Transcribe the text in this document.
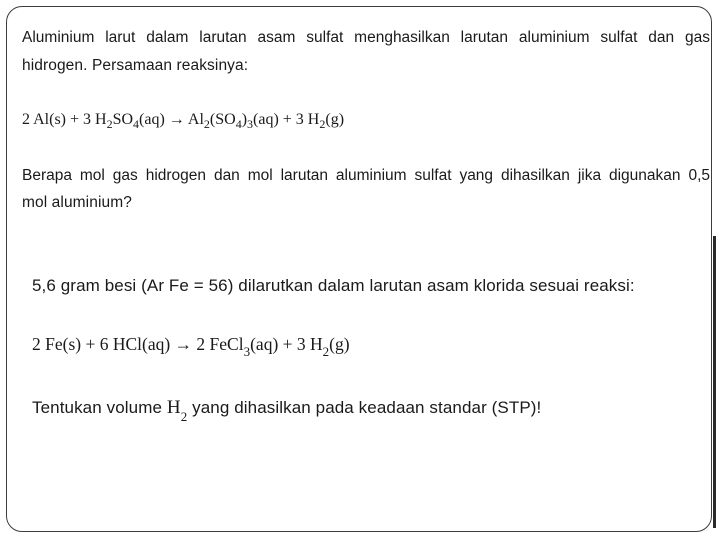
Aluminium larut dalam larutan asam sulfat menghasilkan larutan aluminium sulfat dan gas
hidrogen. Persamaan reaksinya:
2 Al(s) + 3 $H_2SO_4(aq) \to Al_2(SO_4)_3(aq) + 3$ $H_2(g)$
Berapa mol gas hidrogen dan mol larutan aluminium sulfat yang dihasilkan jika digunakan 0,5
mol aluminium?
5,6 gram besi (Ar Fe = 56) dilarutkan dalam larutan asam klorida sesuai reaksi:
2 Fe(s) + 6 HCl(aq) → 2 FeCl$_3$(aq) + 3 $H_2(g)$
Tentukan volume $H_2$ yang dihasilkan pada keadaan standar (STP)!
